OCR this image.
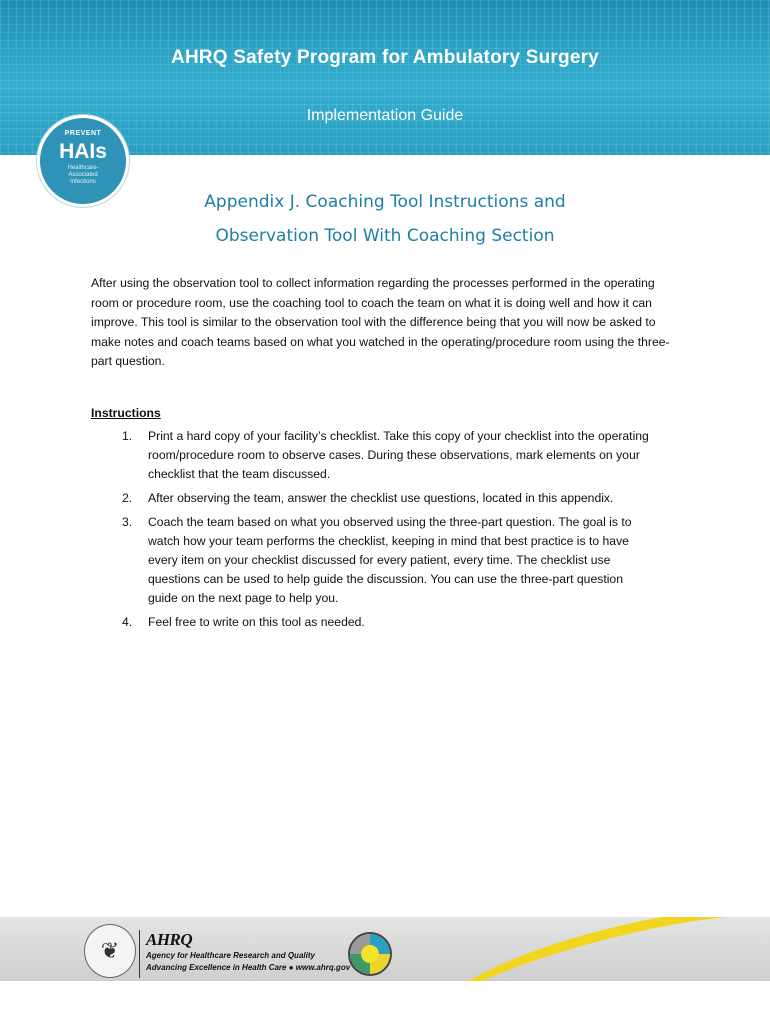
AHRQ Safety Program for Ambulatory Surgery
Implementation Guide
PREVENT
HAIs
Healthcare-
Associated
Infections
Appendix J. Coaching Tool Instructions and
Observation Tool With Coaching Section
After using the observation tool to collect information regarding the processes performed in the operating room or procedure room, use the coaching tool to coach the team on what it is doing well and how it can improve. This tool is similar to the observation tool with the difference being that you will now be asked to make notes and coach teams based on what you watched in the operating/procedure room using the three-part question.
Instructions
1. Print a hard copy of your facility’s checklist. Take this copy of your checklist into the operating room/procedure room to observe cases. During these observations, mark elements on your checklist that the team discussed.
2. After observing the team, answer the checklist use questions, located in this appendix.
3. Coach the team based on what you observed using the three-part question. The goal is to watch how your team performs the checklist, keeping in mind that best practice is to have every item on your checklist discussed for every patient, every time. The checklist use questions can be used to help guide the discussion. You can use the three-part question guide on the next page to help you.
4. Feel free to write on this tool as needed.
❦	AHRQ
Agency for Healthcare Research and Quality
Advancing Excellence in Health Care ● www.ahrq.gov
